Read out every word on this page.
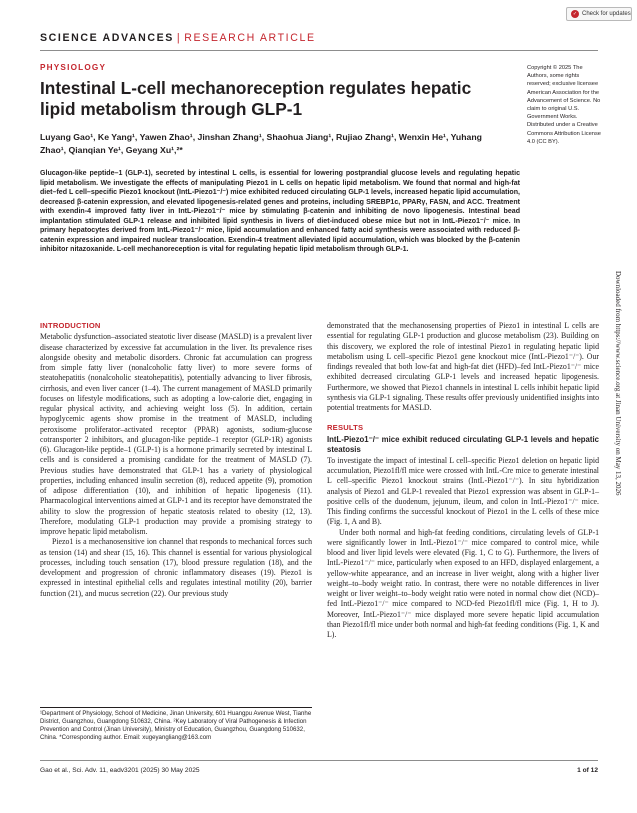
✓ Check for updates
SCIENCE ADVANCES | RESEARCH ARTICLE
PHYSIOLOGY
Intestinal L-cell mechanoreception regulates hepatic lipid metabolism through GLP-1
Luyang Gao¹, Ke Yang¹, Yawen Zhao¹, Jinshan Zhang¹, Shaohua Jiang¹, Rujiao Zhang¹, Wenxin He¹, Yuhang Zhao¹, Qianqian Ye¹, Geyang Xu¹,²*
Copyright © 2025 The Authors, some rights reserved; exclusive licensee American Association for the Advancement of Science. No claim to original U.S. Government Works. Distributed under a Creative Commons Attribution License 4.0 (CC BY).

Glucagon-like peptide–1 (GLP-1), secreted by intestinal L cells, is essential for lowering postprandial glucose levels and regulating hepatic lipid metabolism. We investigate the effects of manipulating Piezo1 in L cells on hepatic lipid metabolism. We found that normal and high-fat diet–fed L cell–specific Piezo1 knockout (IntL-Piezo1⁻/⁻) mice exhibited reduced circulating GLP-1 levels, increased hepatic lipid accumulation, decreased β-catenin expression, and elevated lipogenesis-related genes and proteins, including SREBP1c, PPARγ, FASN, and ACC. Treatment with exendin-4 improved fatty liver in IntL-Piezo1⁻/⁻ mice by stimulating β-catenin and inhibiting de novo lipogenesis. Intestinal bead implantation stimulated GLP-1 release and inhibited lipid synthesis in livers of diet-induced obese mice but not in IntL-Piezo1⁻/⁻ mice. In primary hepatocytes derived from IntL-Piezo1⁻/⁻ mice, lipid accumulation and enhanced fatty acid synthesis were associated with reduced β-catenin expression and impaired nuclear translocation. Exendin-4 treatment alleviated lipid accumulation, which was blocked by the β-catenin inhibitor nitazoxanide. L-cell mechanoreception is vital for regulating hepatic lipid metabolism through GLP-1.

Downloaded from https://www.science.org at Jinan University on May 13, 2026
INTRODUCTION

Metabolic dysfunction–associated steatotic liver disease (MASLD) is a prevalent liver disease characterized by excessive fat accumulation in the liver. Its prevalence rises alongside obesity and metabolic disorders. Chronic fat accumulation can progress from simple fatty liver (nonalcoholic fatty liver) to more severe forms of steatohepatitis (nonalcoholic steatohepatitis), potentially advancing to liver fibrosis, cirrhosis, and even liver cancer (1–4). The current management of MASLD primarily focuses on lifestyle modifications, such as adopting a low-calorie diet, engaging in regular physical activity, and achieving weight loss (5). In addition, certain hypoglycemic agents show promise in the treatment of MASLD, including peroxisome proliferator–activated receptor (PPAR) agonists, sodium-glucose cotransporter 2 inhibitors, and glucagon-like peptide–1 receptor (GLP-1R) agonists (6). Glucagon-like peptide–1 (GLP-1) is a hormone primarily secreted by intestinal L cells and is considered a promising candidate for the treatment of MASLD (7). Previous studies have demonstrated that GLP-1 has a variety of physiological properties, including enhanced insulin secretion (8), reduced appetite (9), promotion of adipose differentiation (10), and inhibition of hepatic lipogenesis (11). Pharmacological interventions aimed at GLP-1 and its receptor have demonstrated the ability to slow the progression of hepatic steatosis related to obesity (12, 13). Therefore, modulating GLP-1 production may provide a promising strategy to improve hepatic lipid metabolism.

Piezo1 is a mechanosensitive ion channel that responds to mechanical forces such as tension (14) and shear (15, 16). This channel is essential for various physiological processes, including touch sensation (17), blood pressure regulation (18), and the development and progression of chronic inflammatory diseases (19). Piezo1 is expressed in intestinal epithelial cells and regulates intestinal motility (20), barrier function (21), and mucus secretion (22). Our previous study

demonstrated that the mechanosensing properties of Piezo1 in intestinal L cells are essential for regulating GLP-1 production and glucose metabolism (23). Building on this discovery, we explored the role of intestinal Piezo1 in regulating hepatic lipid metabolism using L cell–specific Piezo1 gene knockout mice (IntL-Piezo1⁻/⁻). Our findings revealed that both low-fat and high-fat diet (HFD)–fed IntL-Piezo1⁻/⁻ mice exhibited decreased circulating GLP-1 levels and increased hepatic lipogenesis. Furthermore, we showed that Piezo1 channels in intestinal L cells inhibit hepatic lipid synthesis via GLP-1 signaling. These results offer previously unidentified insights into potential treatments for MASLD.

RESULTS
IntL-Piezo1⁻/⁻ mice exhibit reduced circulating GLP-1 levels and hepatic steatosis

To investigate the impact of intestinal L cell–specific Piezo1 deletion on hepatic lipid accumulation, Piezo1fl/fl mice were crossed with IntL-Cre mice to generate intestinal L cell–specific Piezo1 knockout strains (IntL-Piezo1⁻/⁻). In situ hybridization analysis of Piezo1 and GLP-1 revealed that Piezo1 expression was absent in GLP-1–positive cells of the duodenum, jejunum, ileum, and colon in IntL-Piezo1⁻/⁻ mice. This finding confirms the successful knockout of Piezo1 in the L cells of these mice (Fig. 1, A and B).

Under both normal and high-fat feeding conditions, circulating levels of GLP-1 were significantly lower in IntL-Piezo1⁻/⁻ mice compared to control mice, while blood and liver lipid levels were elevated (Fig. 1, C to G). Furthermore, the livers of IntL-Piezo1⁻/⁻ mice, particularly when exposed to an HFD, displayed enlargement, a yellow-white appearance, and an increase in liver weight, along with a higher liver weight–to–body weight ratio. In contrast, there were no notable differences in liver weight or liver weight–to–body weight ratio were noted in normal chow diet (NCD)–fed IntL-Piezo1⁻/⁻ mice compared to NCD-fed Piezo1fl/fl mice (Fig. 1, H to J). Moreover, IntL-Piezo1⁻/⁻ mice displayed more severe hepatic lipid accumulation than Piezo1fl/fl mice under both normal and high-fat feeding conditions (Fig. 1, K and L).

¹Department of Physiology, School of Medicine, Jinan University, 601 Huangpu Avenue West, Tianhe District, Guangzhou, Guangdong 510632, China. ²Key Laboratory of Viral Pathogenesis & Infection Prevention and Control (Jinan University), Ministry of Education, Guangzhou, Guangdong 510632, China. *Corresponding author. Email: xugeyangliang@163.com
Gao et al., Sci. Adv. 11, eadv3201 (2025) 30 May 2025	1 of 12
